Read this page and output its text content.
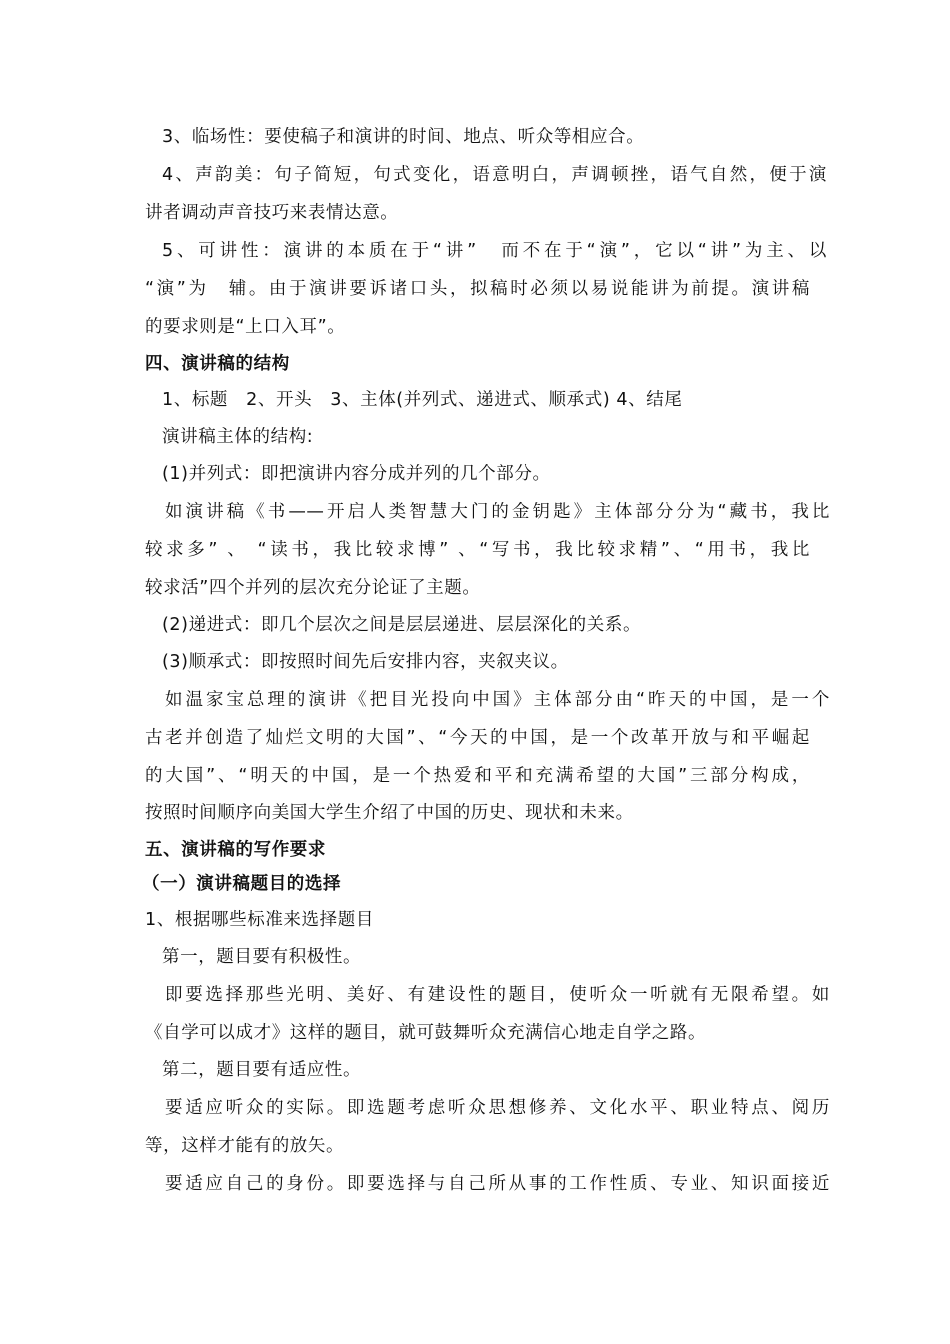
3、临场性：要使稿子和演讲的时间、地点、听众等相应合。
4、声韵美：句子简短，句式变化，语意明白，声调顿挫，语气自然，便于演
讲者调动声音技巧来表情达意。
5、可讲性：演讲的本质在于“讲”　而不在于“演”，它以“讲”为主、以
“演”为　辅。由于演讲要诉诸口头，拟稿时必须以易说能讲为前提。演讲稿
的要求则是“上口入耳”。
四、演讲稿的结构
1、标题　2、开头　3、主体(并列式、递进式、顺承式) 4、结尾
演讲稿主体的结构:
(1)并列式：即把演讲内容分成并列的几个部分。
如演讲稿《书——开启人类智慧大门的金钥匙》主体部分分为“藏书，我比
较求多” 、 “读书，我比较求博” 、“写书，我比较求精”、“用书，我比
较求活”四个并列的层次充分论证了主题。
(2)递进式：即几个层次之间是层层递进、层层深化的关系。
(3)顺承式：即按照时间先后安排内容，夹叙夹议。
如温家宝总理的演讲《把目光投向中国》主体部分由“昨天的中国，是一个
古老并创造了灿烂文明的大国”、“今天的中国，是一个改革开放与和平崛起
的大国”、“明天的中国，是一个热爱和平和充满希望的大国”三部分构成，
按照时间顺序向美国大学生介绍了中国的历史、现状和未来。
五、演讲稿的写作要求
（一）演讲稿题目的选择
1、根据哪些标准来选择题目
第一，题目要有积极性。
即要选择那些光明、美好、有建设性的题目，使听众一听就有无限希望。如
《自学可以成才》这样的题目，就可鼓舞听众充满信心地走自学之路。
第二，题目要有适应性。
要适应听众的实际。即选题考虑听众思想修养、文化水平、职业特点、阅历
等，这样才能有的放矢。
要适应自己的身份。即要选择与自己所从事的工作性质、专业、知识面接近
